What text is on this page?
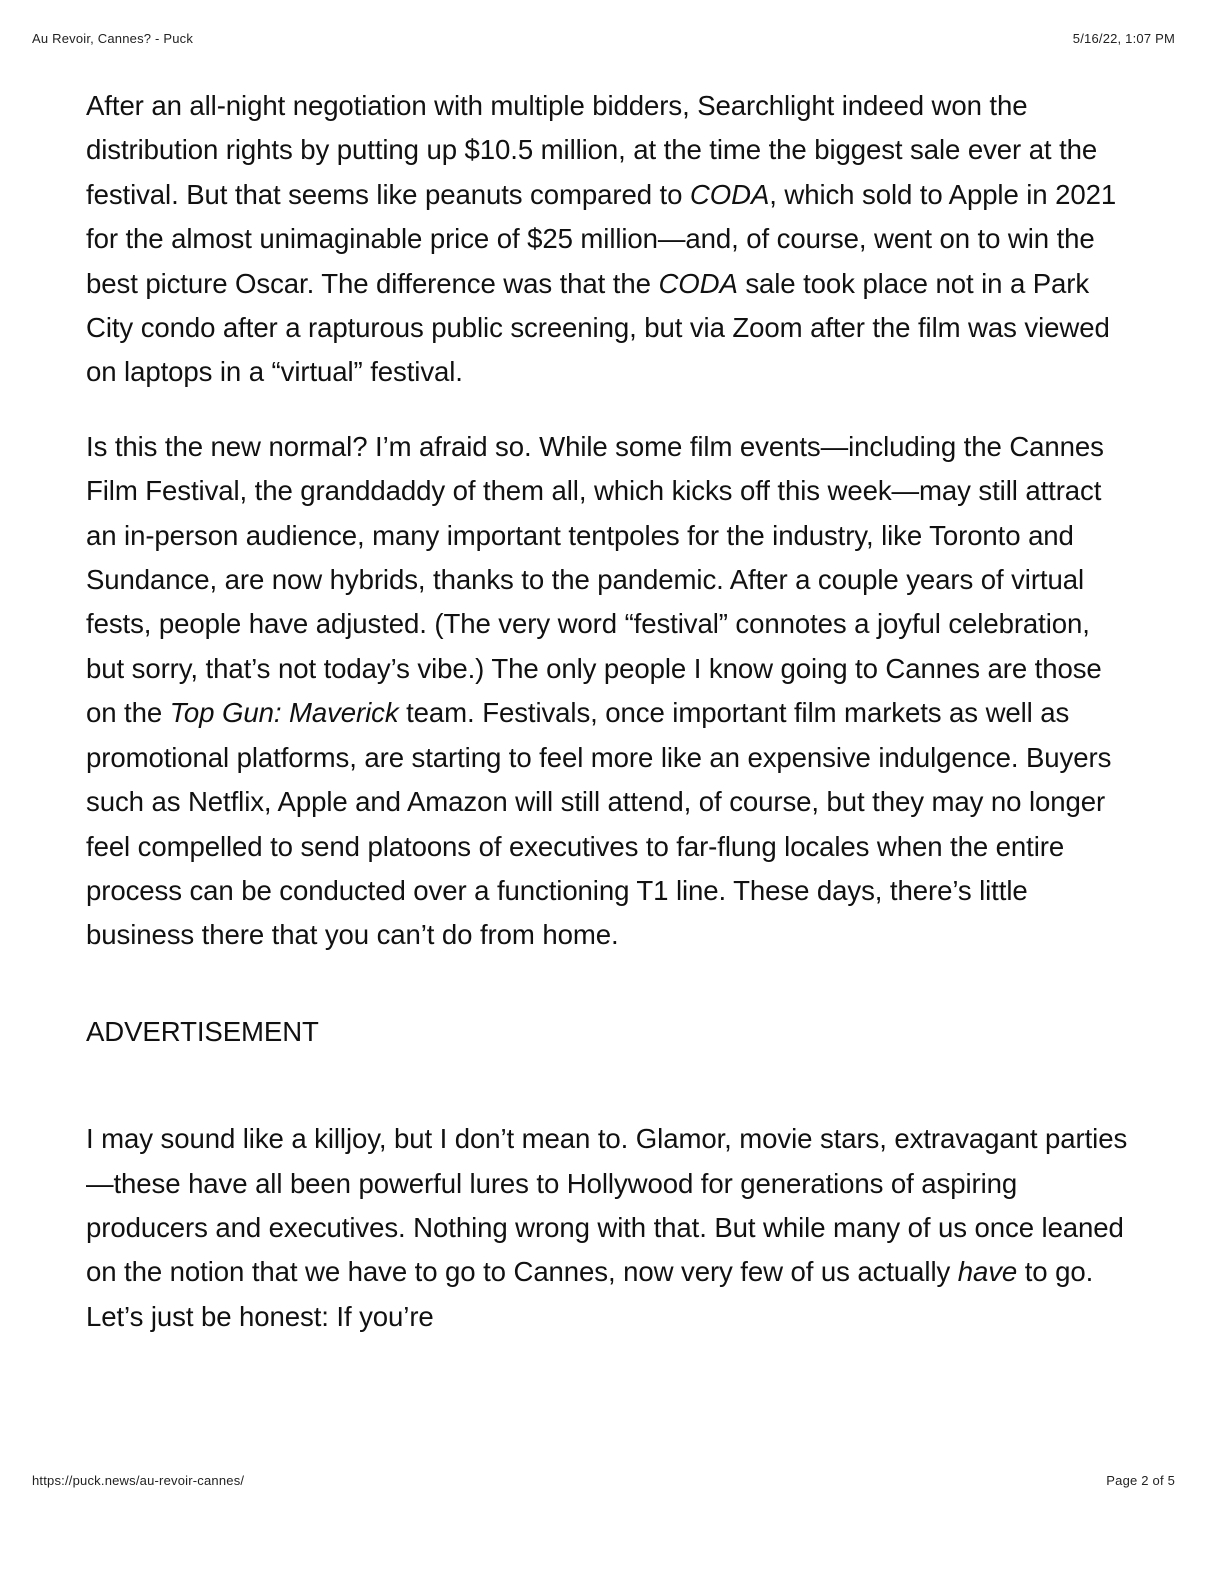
Au Revoir, Cannes? - Puck	5/16/22, 1:07 PM

After an all-night negotiation with multiple bidders, Searchlight indeed won the distribution rights by putting up $10.5 million, at the time the biggest sale ever at the festival. But that seems like peanuts compared to CODA, which sold to Apple in 2021 for the almost unimaginable price of $25 million—and, of course, went on to win the best picture Oscar. The difference was that the CODA sale took place not in a Park City condo after a rapturous public screening, but via Zoom after the film was viewed on laptops in a “virtual” festival.

Is this the new normal? I’m afraid so. While some film events—including the Cannes Film Festival, the granddaddy of them all, which kicks off this week—may still attract an in-person audience, many important tentpoles for the industry, like Toronto and Sundance, are now hybrids, thanks to the pandemic. After a couple years of virtual fests, people have adjusted. (The very word “festival” connotes a joyful celebration, but sorry, that’s not today’s vibe.) The only people I know going to Cannes are those on the Top Gun: Maverick team. Festivals, once important film markets as well as promotional platforms, are starting to feel more like an expensive indulgence. Buyers such as Netflix, Apple and Amazon will still attend, of course, but they may no longer feel compelled to send platoons of executives to far-flung locales when the entire process can be conducted over a functioning T1 line. These days, there’s little business there that you can’t do from home.

ADVERTISEMENT

I may sound like a killjoy, but I don’t mean to. Glamor, movie stars, extravagant parties—these have all been powerful lures to Hollywood for generations of aspiring producers and executives. Nothing wrong with that. But while many of us once leaned on the notion that we have to go to Cannes, now very few of us actually have to go. Let’s just be honest: If you’re

https://puck.news/au-revoir-cannes/	Page 2 of 5
